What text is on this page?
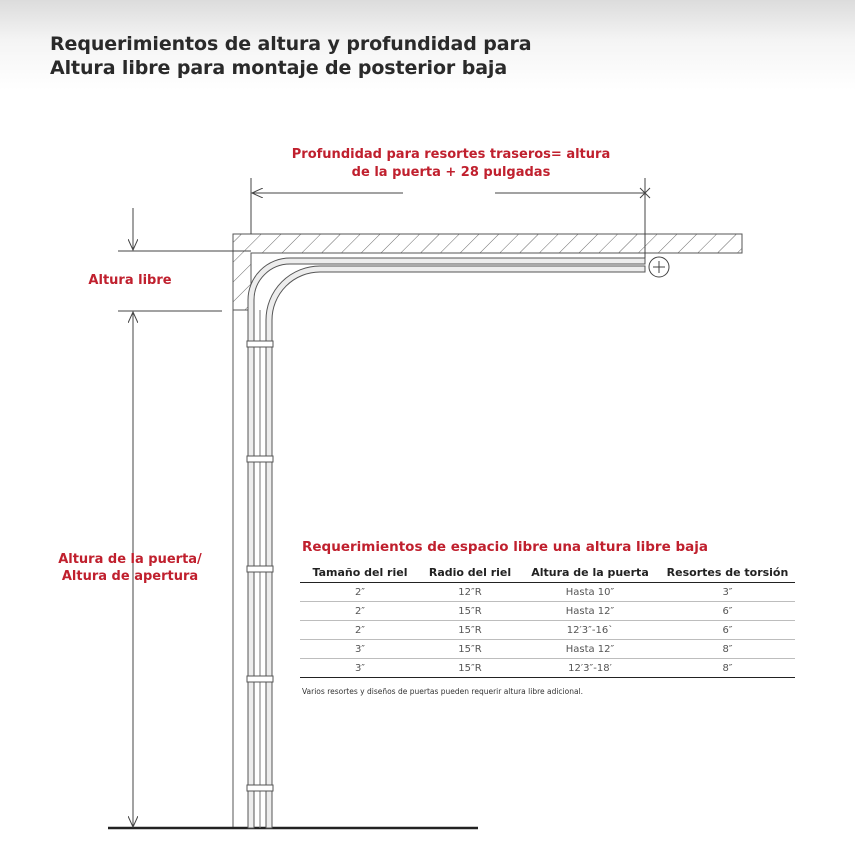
Requerimientos de altura y profundidad para
Altura libre para montaje de posterior baja
Profundidad para resortes traseros= altura
de la puerta + 28 pulgadas
Altura libre
Altura de la puerta/
Altura de apertura
Requerimientos de espacio libre una altura libre baja
Tamaño del riel	Radio del riel	Altura de la puerta	Resortes de torsión
2″	12″R	Hasta 10″	3″
2″	15″R	Hasta 12″	6″
2″	15″R	12′3″-16`	6″
3″	15″R	Hasta 12″	8″
3″	15″R	12′3″-18′	8″

Varios resortes y diseños de puertas pueden requerir altura libre adicional.
